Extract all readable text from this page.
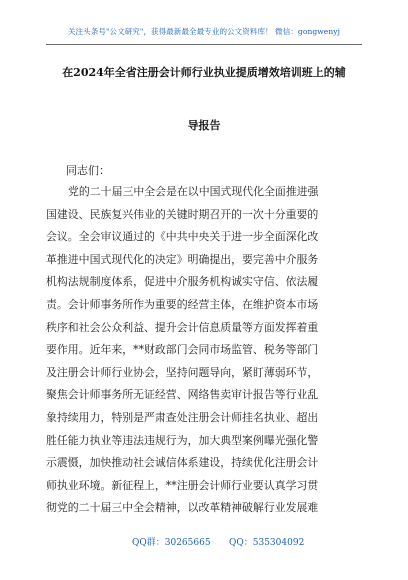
关注头条号"公文研究"，获得最新最全最专业的公文资料库！ 微信：gongwenyj
在2024年全省注册会计师行业执业提质增效培训班上的辅
导报告
同志们：
党的二十届三中全会是在以中国式现代化全面推进强
国建设、民族复兴伟业的关键时期召开的一次十分重要的
会议。全会审议通过的《中共中央关于进一步全面深化改
革推进中国式现代化的决定》明确提出，要完善中介服务
机构法规制度体系，促进中介服务机构诚实守信、依法履
责。会计师事务所作为重要的经营主体，在维护资本市场
秩序和社会公众利益、提升会计信息质量等方面发挥着重
要作用。近年来，**财政部门会同市场监管、税务等部门
及注册会计师行业协会，坚持问题导向，紧盯薄弱环节，
聚焦会计师事务所无证经营、网络售卖审计报告等行业乱
象持续用力，特别是严肃查处注册会计师挂名执业、超出
胜任能力执业等违法违规行为，加大典型案例曝光强化警
示震慑，加快推动社会诚信体系建设，持续优化注册会计
师执业环境。新征程上，**注册会计师行业要认真学习贯
彻党的二十届三中全会精神，以改革精神破解行业发展难
QQ群：30265665 QQ：535304092
